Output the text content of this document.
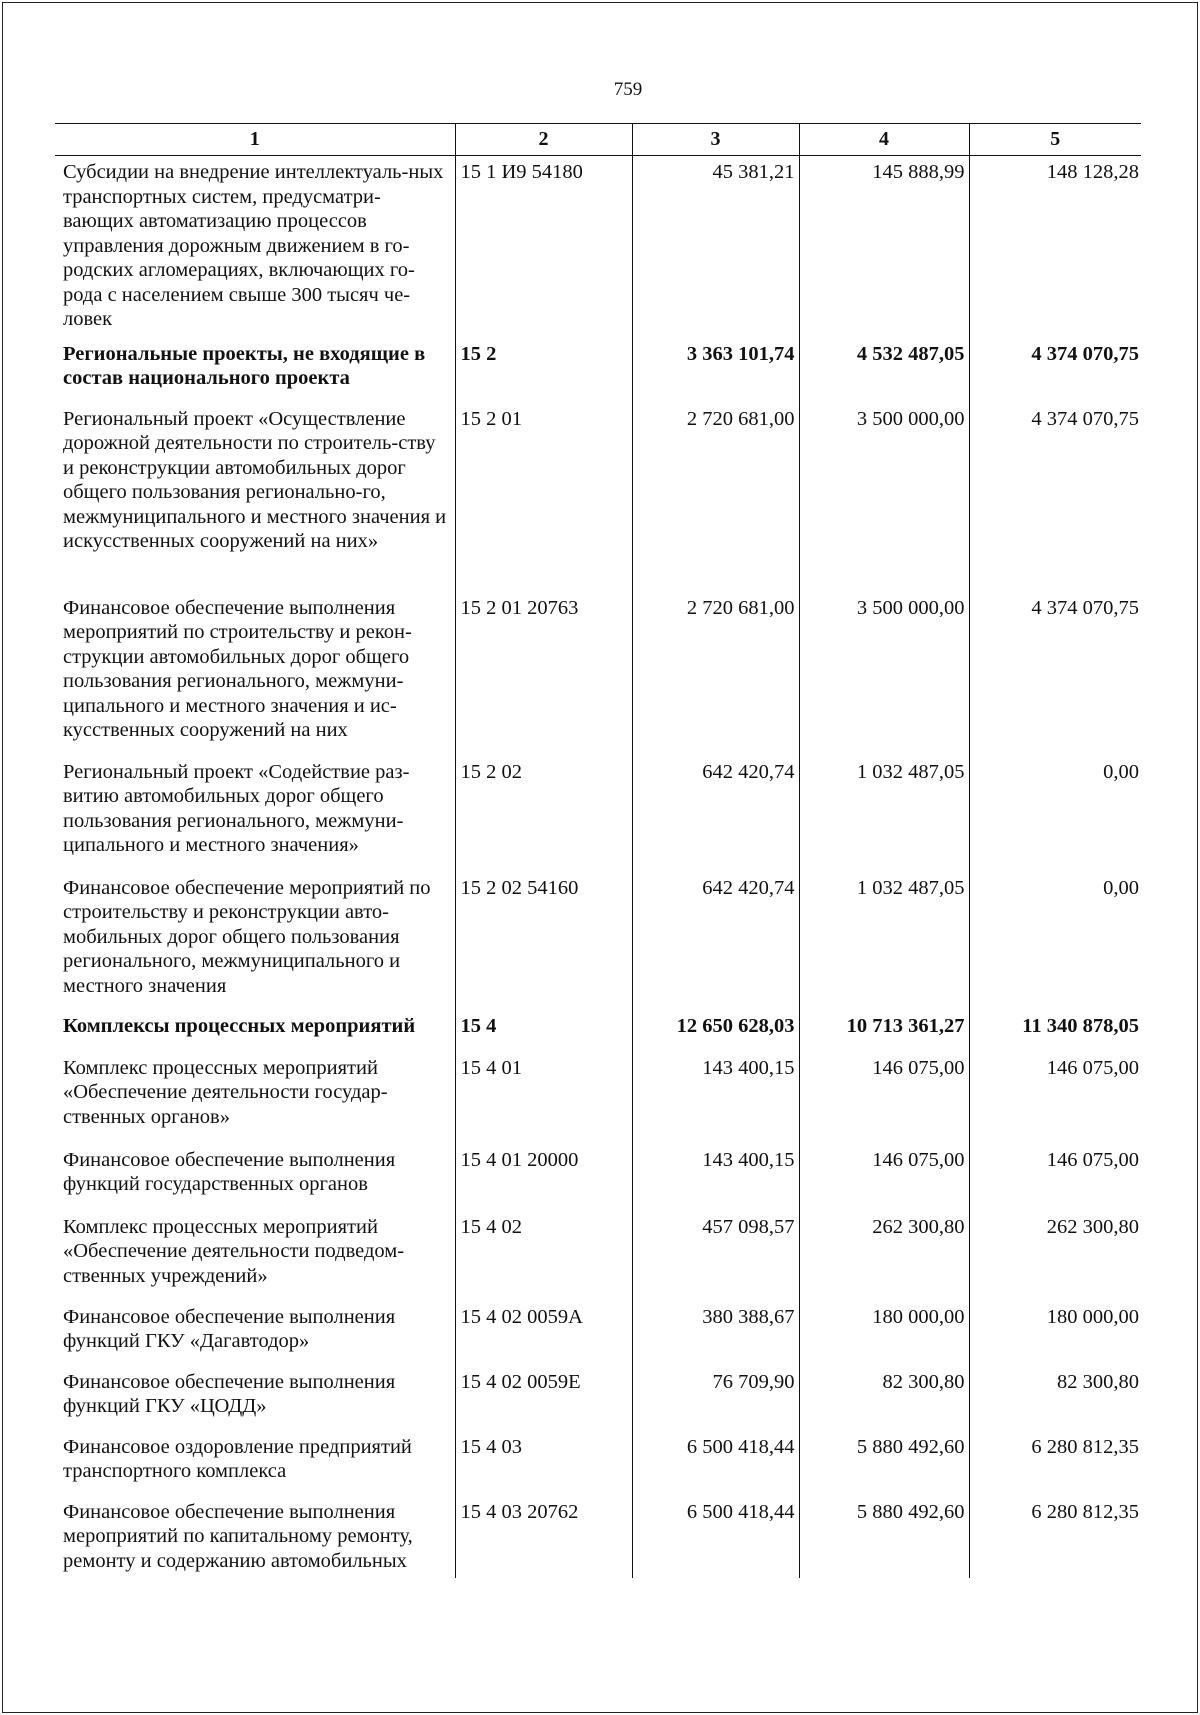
759
1	2	3	4	5
Субсидии на внедрение интеллектуаль-ных транспортных систем, предусматри-вающих автоматизацию процессов управления дорожным движением в го-родских агломерациях, включающих го-рода с населением свыше 300 тысяч че-ловек	15 1 И9 54180	45 381,21	145 888,99	148 128,28
Региональные проекты, не входящие в состав национального проекта	15 2	3 363 101,74	4 532 487,05	4 374 070,75
Региональный проект «Осуществление дорожной деятельности по строитель-ству и реконструкции автомобильных дорог общего пользования регионально-го, межмуниципального и местного значения и искусственных сооружений на них»	15 2 01	2 720 681,00	3 500 000,00	4 374 070,75
Финансовое обеспечение выполнения мероприятий по строительству и рекон-струкции автомобильных дорог общего пользования регионального, межмуни-ципального и местного значения и ис-кусственных сооружений на них	15 2 01 20763	2 720 681,00	3 500 000,00	4 374 070,75
Региональный проект «Содействие раз-витию автомобильных дорог общего пользования регионального, межмуни-ципального и местного значения»	15 2 02	642 420,74	1 032 487,05	0,00
Финансовое обеспечение мероприятий по строительству и реконструкции авто-мобильных дорог общего пользования регионального, межмуниципального и местного значения	15 2 02 54160	642 420,74	1 032 487,05	0,00
Комплексы процессных мероприятий	15 4	12 650 628,03	10 713 361,27	11 340 878,05
Комплекс процессных мероприятий «Обеспечение деятельности государ-ственных органов»	15 4 01	143 400,15	146 075,00	146 075,00
Финансовое обеспечение выполнения функций государственных органов	15 4 01 20000	143 400,15	146 075,00	146 075,00
Комплекс процессных мероприятий «Обеспечение деятельности подведом-ственных учреждений»	15 4 02	457 098,57	262 300,80	262 300,80
Финансовое обеспечение выполнения функций ГКУ «Дагавтодор»	15 4 02 0059А	380 388,67	180 000,00	180 000,00
Финансовое обеспечение выполнения функций ГКУ «ЦОДД»	15 4 02 0059Е	76 709,90	82 300,80	82 300,80
Финансовое оздоровление предприятий транспортного комплекса	15 4 03	6 500 418,44	5 880 492,60	6 280 812,35
Финансовое обеспечение выполнения мероприятий по капитальному ремонту, ремонту и содержанию автомобильных	15 4 03 20762	6 500 418,44	5 880 492,60	6 280 812,35
